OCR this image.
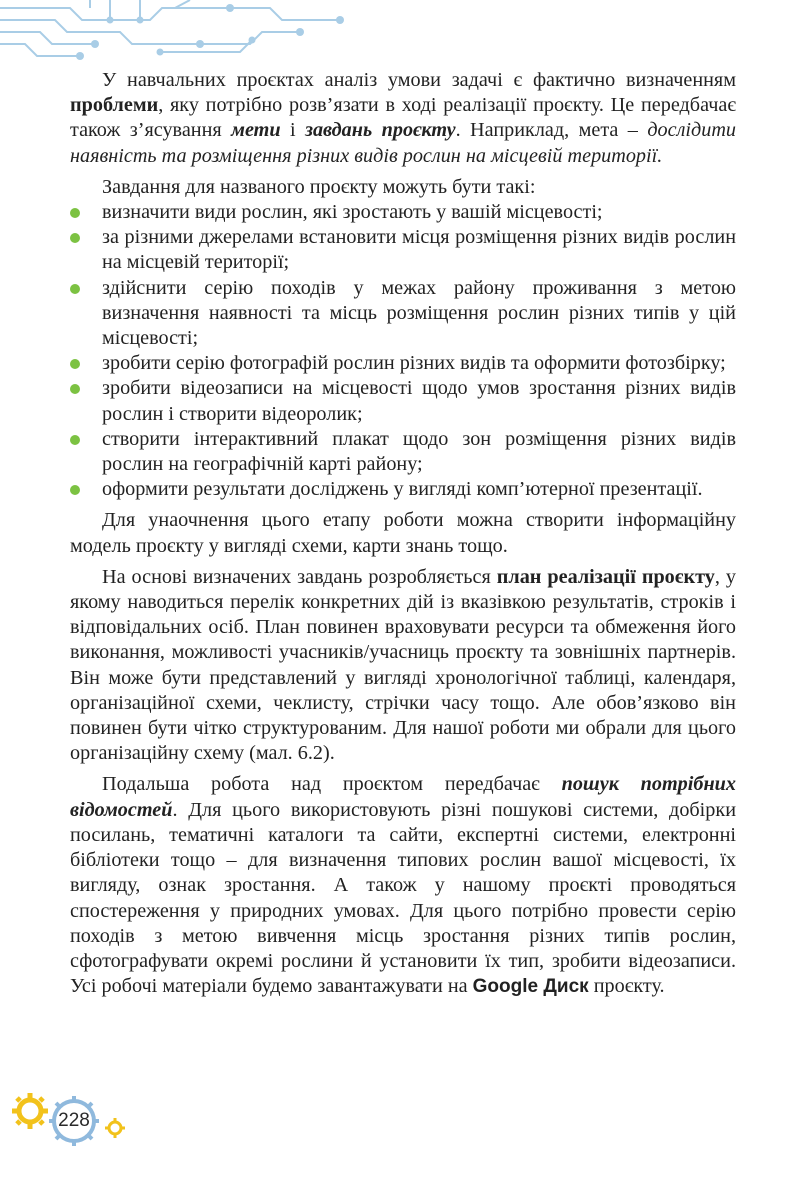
У навчальних проєктах аналіз умови задачі є фактично визначенням проблеми, яку потрібно розв’язати в ході реалізації проєкту. Це передбачає також з’ясування мети і завдань проєкту. Наприклад, мета – дослідити наявність та розміщення різних видів рослин на місцевій території.

Завдання для названого проєкту можуть бути такі:

визначити види рослин, які зростають у вашій місцевості;
за різними джерелами встановити місця розміщення різних видів рослин на місцевій території;
здійснити серію походів у межах району проживання з метою визначення наявності та місць розміщення рослин різних типів у цій місцевості;
зробити серію фотографій рослин різних видів та оформити фотозбірку;
зробити відеозаписи на місцевості щодо умов зростання різних видів рослин і створити відеоролик;
створити інтерактивний плакат щодо зон розміщення різних видів рослин на географічній карті району;
оформити результати досліджень у вигляді комп’ютерної презентації.

Для унаочнення цього етапу роботи можна створити інформаційну модель проєкту у вигляді схеми, карти знань тощо.

На основі визначених завдань розробляється план реалізації проєкту, у якому наводиться перелік конкретних дій із вказівкою результатів, строків і відповідальних осіб. План повинен враховувати ресурси та обмеження його виконання, можливості учасників/учасниць проєкту та зовнішніх партнерів. Він може бути представлений у вигляді хронологічної таблиці, календаря, організаційної схеми, чеклисту, стрічки часу тощо. Але обов’язково він повинен бути чітко структурованим. Для нашої роботи ми обрали для цього організаційну схему (мал. 6.2).

Подальша робота над проєктом передбачає пошук потрібних відомостей. Для цього використовують різні пошукові системи, добірки посилань, тематичні каталоги та сайти, експертні системи, електронні бібліотеки тощо – для визначення типових рослин вашої місцевості, їх вигляду, ознак зростання. А також у нашому проєкті проводяться спостереження у природних умовах. Для цього потрібно провести серію походів з метою вивчення місць зростання різних типів рослин, сфотографувати окремі рослини й установити їх тип, зробити відеозаписи. Усі робочі матеріали будемо завантажувати на Google Диск проєкту.

228
